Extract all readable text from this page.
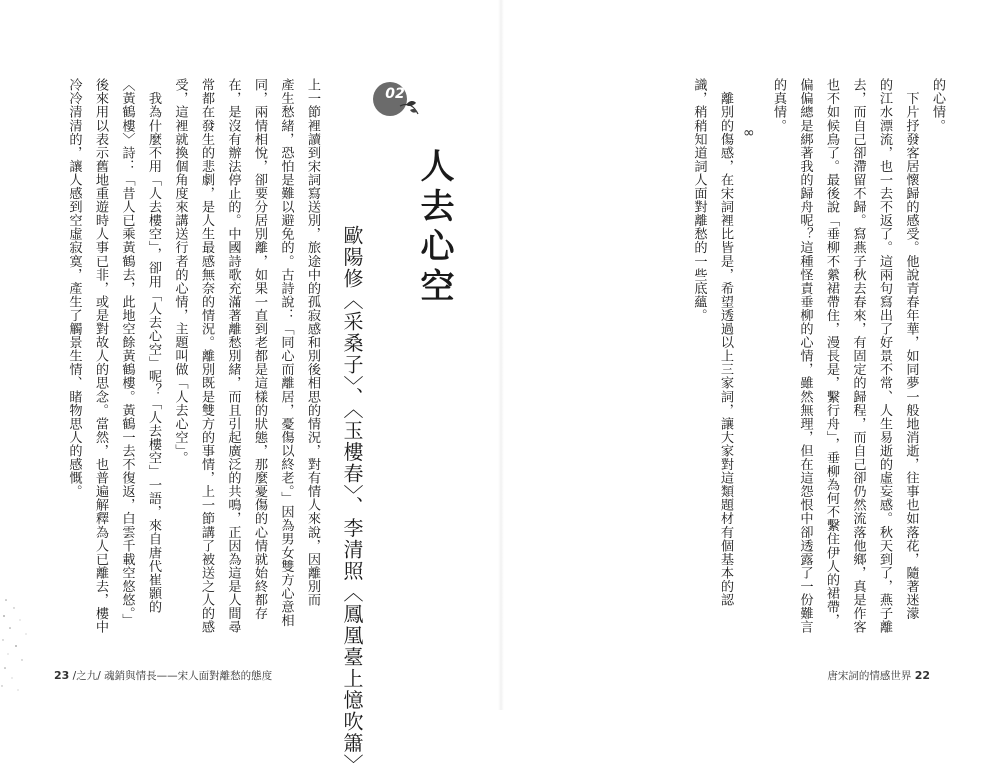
上一節裡讀到宋詞寫送別，旅途中的孤寂感和別後相思的情況，對有情人來說，因離別而
產生愁緒，恐怕是難以避免的。古詩說：「同心而離居，憂傷以終老。」因為男女雙方心意相
同，兩情相悅，卻要分居別離，如果一直到老都是這樣的狀態，那麼憂傷的心情就始終都存
在，是沒有辦法停止的。中國詩歌充滿著離愁別緒，而且引起廣泛的共鳴，正因為這是人間尋
常都在發生的悲劇，是人生最感無奈的情況。離別既是雙方的事情，上一節講了被送之人的感
受，這裡就換個角度來講送行者的心情，主題叫做「人去心空」。
　我為什麼不用「人去樓空」，卻用「人去心空」呢？「人去樓空」一語，來自唐代崔顥的
〈黃鶴樓〉詩：「昔人已乘黃鶴去，此地空餘黃鶴樓。黃鶴一去不復返，白雲千載空悠悠。」
後來用以表示舊地重遊時人事已非，或是對故人的思念。當然，也普遍解釋為人已離去，樓中
冷冷清清的，讓人感到空虛寂寞，產生了觸景生情、睹物思人的感慨。	02
人去心空
歐陽修〈采桑子〉、〈玉樓春〉、李清照〈鳳凰臺上憶吹簫〉
23 /之九/ 魂銷與情長——宋人面對離愁的態度
的心情。
　下片抒發客居懷歸的感受。他說青春年華，如同夢一般地消逝，往事也如落花，隨著迷濛
的江水漂流，也一去不返了。這兩句寫出了好景不常、人生易逝的虛妄感。秋天到了，燕子離
去，而自己卻滯留不歸。寫燕子秋去春來，有固定的歸程，而自己卻仍然流落他鄉，真是作客
也不如候鳥了。最後說「垂柳不縈裙帶住，漫長是，繫行舟」，垂柳為何不繫住伊人的裙帶，
偏偏總是綁著我的歸舟呢？這種怪責垂柳的心情，雖然無理，但在這怨恨中卻透露了一份難言
的真情。
　離別的傷感，在宋詞裡比皆是，希望透過以上三家詞，讓大家對這類題材有個基本的認
識，稍稍知道詞人面對離愁的一些底蘊。	∞
唐宋詞的情感世界 22
